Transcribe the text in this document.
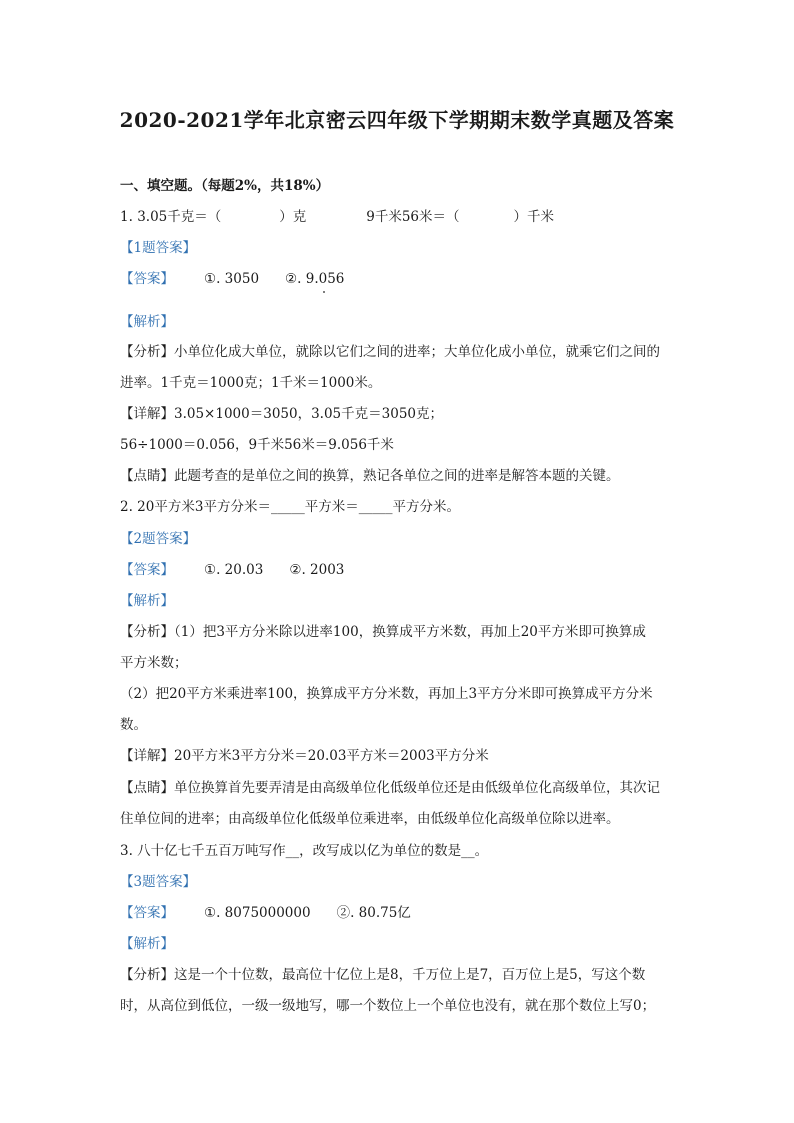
2020-2021学年北京密云四年级下学期期末数学真题及答案
一、填空题。（每题2%，共18%）
1. 3.05千克＝（	）克	9千米56米＝（	）千米
【1题答案】
【答案】 ①. 3050 ②. 9.056
【解析】
【分析】小单位化成大单位，就除以它们之间的进率；大单位化成小单位，就乘它们之间的
进率。1千克＝1000克；1千米＝1000米。
【详解】3.05×1000＝3050，3.05千克＝3050克；
56÷1000＝0.056，9千米56米＝9.056千米
【点睛】此题考查的是单位之间的换算，熟记各单位之间的进率是解答本题的关键。
2. 20平方米3平方分米＝_____平方米＝_____平方分米。
【2题答案】
【答案】 ①. 20.03 ②. 2003
【解析】
【分析】（1）把3平方分米除以进率100，换算成平方米数，再加上20平方米即可换算成
平方米数；
（2）把20平方米乘进率100，换算成平方分米数，再加上3平方分米即可换算成平方分米
数。
【详解】20平方米3平方分米＝20.03平方米＝2003平方分米
【点睛】单位换算首先要弄清是由高级单位化低级单位还是由低级单位化高级单位，其次记
住单位间的进率；由高级单位化低级单位乘进率，由低级单位化高级单位除以进率。
3. 八十亿七千五百万吨写作__，改写成以亿为单位的数是__。
【3题答案】
【答案】 ①. 8075000000 ②. 80.75亿
【解析】
【分析】这是一个十位数，最高位十亿位上是8，千万位上是7，百万位上是5，写这个数
时，从高位到低位，一级一级地写，哪一个数位上一个单位也没有，就在那个数位上写0；
